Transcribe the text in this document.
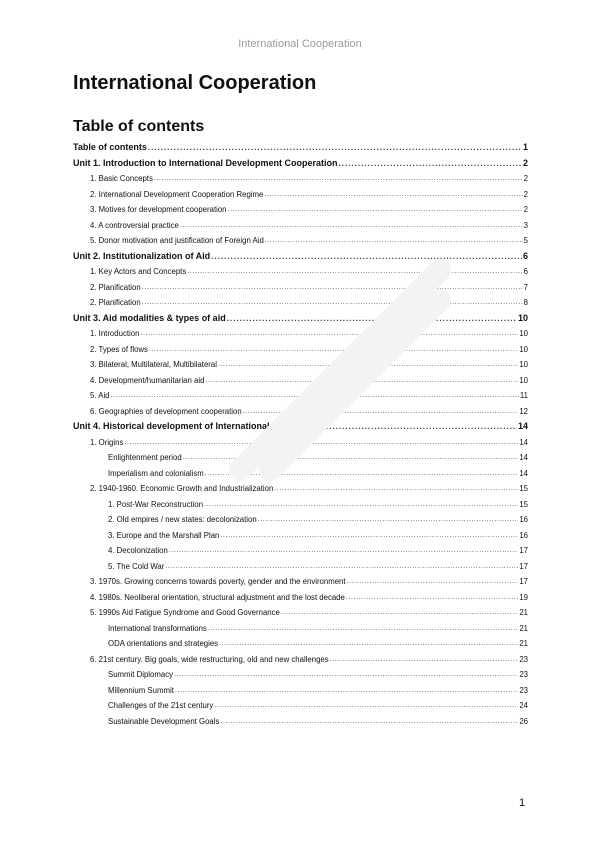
International Cooperation
International Cooperation
Table of contents
Table of contents .....	1
Unit 1. Introduction to International Development Cooperation .....	2
1. Basic Concepts .....	2
2. International Development Cooperation Regime .....	2
3. Motives for development cooperation .....	2
4. A controversial practice .....	3
5. Donor motivation and justification of Foreign Aid .....	5
Unit 2. Institutionalization of Aid .....	6
1. Key Actors and Concepts .....	6
2. Planification .....	7
2. Planification .....	8
Unit 3. Aid modalities & types of aid .....	10
1. Introduction .....	10
2. Types of flows .....	10
3. Bilateral, Multilateral, Multibilateral .....	10
4. Development/humanitarian aid .....	10
5. Aid .....	11
6. Geographies of development cooperation .....	12
Unit 4. Historical development of International Cooperation .....	14
1. Origins .....	14
Enlightenment period .....	14
Imperialism and colonialism .....	14
2. 1940-1960. Economic Growth and Industrialization .....	15
1. Post-War Reconstruction .....	15
2. Old empires / new states: decolonization .....	16
3. Europe and the Marshall Plan .....	16
4. Decolonization .....	17
5. The Cold War .....	17
3. 1970s. Growing concerns towards poverty, gender and the environment .....	17
4. 1980s. Neoliberal orientation, structural adjustment and the lost decade .....	19
5. 1990s Aid Fatigue Syndrome and Good Governance .....	21
International transformations .....	21
ODA orientations and strategies .....	21
6. 21st century. Big goals, wide restructuring, old and new challenges .....	23
Summit Diplomacy .....	23
Millennium Summit .....	23
Challenges of the 21st century .....	24
Sustainable Development Goals .....	26
1
